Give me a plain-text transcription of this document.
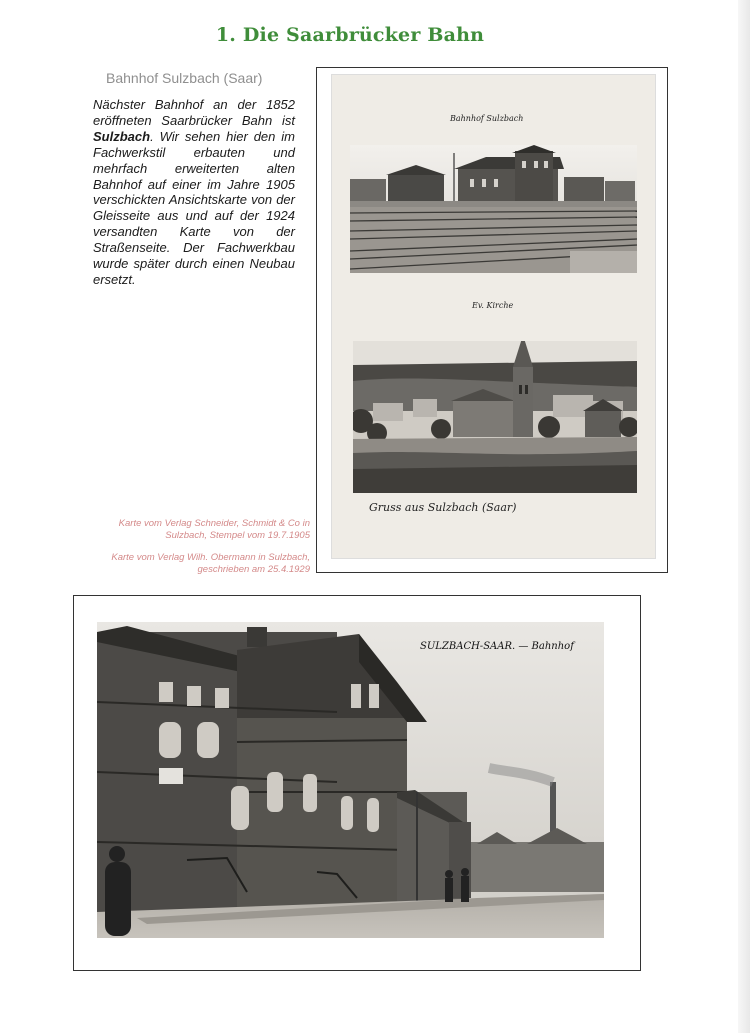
1. Die Saarbrücker Bahn
Bahnhof Sulzbach (Saar)
Nächster Bahnhof an der 1852 eröffneten Saarbrücker Bahn ist Sulzbach. Wir sehen hier den im Fachwerkstil erbauten und mehrfach erweiterten alten Bahnhof auf einer im Jahre 1905 verschickten Ansichtskarte von der Gleisseite aus und auf der 1924 versandten Karte von der Straßenseite. Der Fachwerkbau wurde später durch einen Neubau ersetzt.
Karte vom Verlag Schneider, Schmidt & Co in Sulzbach, Stempel vom 19.7.1905
Karte vom Verlag Wilh. Obermann in Sulzbach, geschrieben am 25.4.1929
Bahnhof Sulzbach
Ev. Kirche
Gruss aus Sulzbach (Saar)
SULZBACH-SAAR. — Bahnhof
